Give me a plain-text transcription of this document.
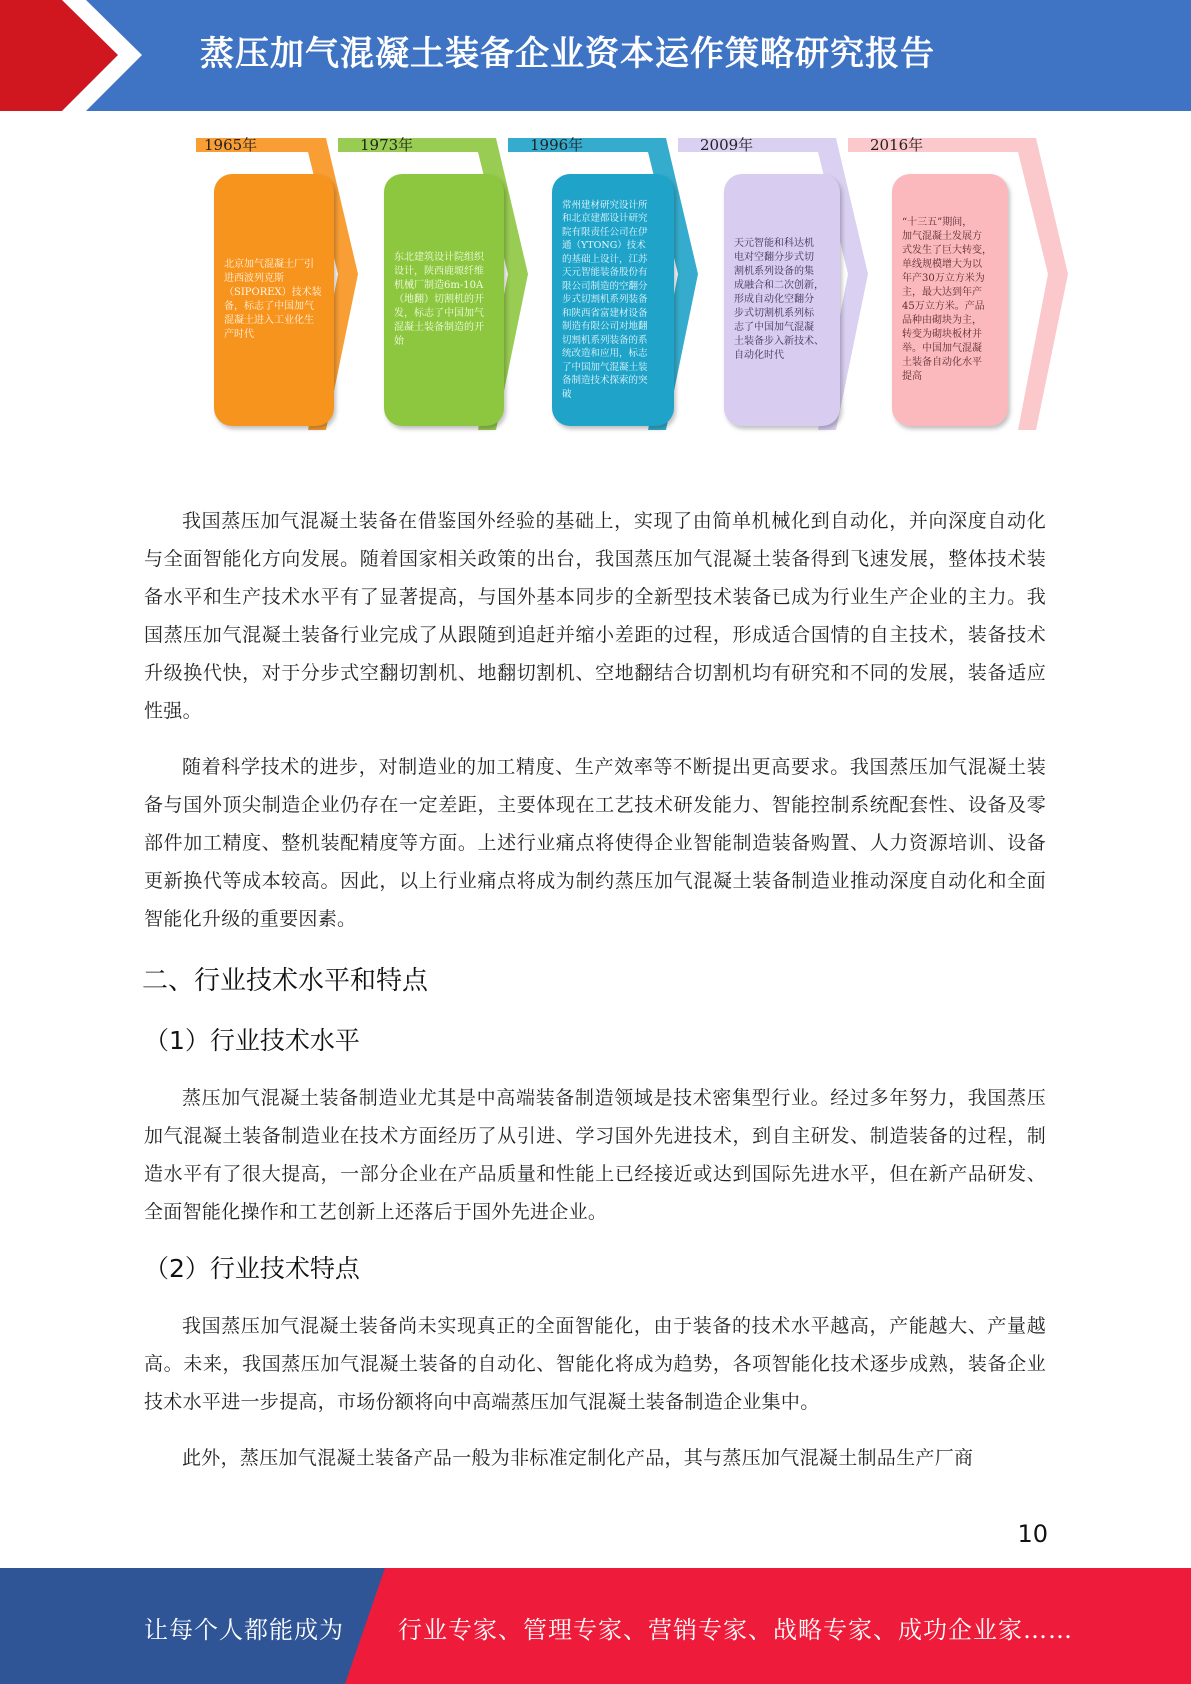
蒸压加气混凝土装备企业资本运作策略研究报告
1965年	1973年	1996年	2009年	2016年
北京加气混凝土厂引
进西波列克斯
（SIPOREX）技术装
备，标志了中国加气
混凝土进入工业化生
产时代
东北建筑设计院组织
设计，陕西鹿塬纤维
机械厂制造6m-10A
（地翻）切割机的开
发，标志了中国加气
混凝土装备制造的开
始
常州建材研究设计所
和北京建都设计研究
院有限责任公司在伊
通（YTONG）技术
的基础上设计，江苏
天元智能装备股份有
限公司制造的空翻分
步式切割机系列装备
和陕西省富建材设备
制造有限公司对地翻
切割机系列装备的系
统改造和应用，标志
了中国加气混凝土装
备制造技术探索的突
破
天元智能和科达机
电对空翻分步式切
割机系列设备的集
成融合和二次创新，
形成自动化空翻分
步式切割机系列标
志了中国加气混凝
土装备步入新技术、
自动化时代
“十三五”期间，
加气混凝土发展方
式发生了巨大转变，
单线规模增大为以
年产30万立方米为
主，最大达到年产
45万立方米。产品
品种由砌块为主，
转变为砌块板材并
举。中国加气混凝
土装备自动化水平
提高

我国蒸压加气混凝土装备在借鉴国外经验的基础上，实现了由简单机械化到自动化，并向深度自动化与全面智能化方向发展。随着国家相关政策的出台，我国蒸压加气混凝土装备得到飞速发展，整体技术装备水平和生产技术水平有了显著提高，与国外基本同步的全新型技术装备已成为行业生产企业的主力。我国蒸压加气混凝土装备行业完成了从跟随到追赶并缩小差距的过程，形成适合国情的自主技术，装备技术升级换代快，对于分步式空翻切割机、地翻切割机、空地翻结合切割机均有研究和不同的发展，装备适应性强。

随着科学技术的进步，对制造业的加工精度、生产效率等不断提出更高要求。我国蒸压加气混凝土装备与国外顶尖制造企业仍存在一定差距，主要体现在工艺技术研发能力、智能控制系统配套性、设备及零部件加工精度、整机装配精度等方面。上述行业痛点将使得企业智能制造装备购置、人力资源培训、设备更新换代等成本较高。因此，以上行业痛点将成为制约蒸压加气混凝土装备制造业推动深度自动化和全面智能化升级的重要因素。

二、行业技术水平和特点
（1）行业技术水平

蒸压加气混凝土装备制造业尤其是中高端装备制造领域是技术密集型行业。经过多年努力，我国蒸压加气混凝土装备制造业在技术方面经历了从引进、学习国外先进技术，到自主研发、制造装备的过程，制造水平有了很大提高，一部分企业在产品质量和性能上已经接近或达到国际先进水平，但在新产品研发、全面智能化操作和工艺创新上还落后于国外先进企业。

（2）行业技术特点

我国蒸压加气混凝土装备尚未实现真正的全面智能化，由于装备的技术水平越高，产能越大、产量越高。未来，我国蒸压加气混凝土装备的自动化、智能化将成为趋势，各项智能化技术逐步成熟，装备企业技术水平进一步提高，市场份额将向中高端蒸压加气混凝土装备制造企业集中。

此外，蒸压加气混凝土装备产品一般为非标准定制化产品，其与蒸压加气混凝土制品生产厂商

10
让每个人都能成为 行业专家、管理专家、营销专家、战略专家、成功企业家……
